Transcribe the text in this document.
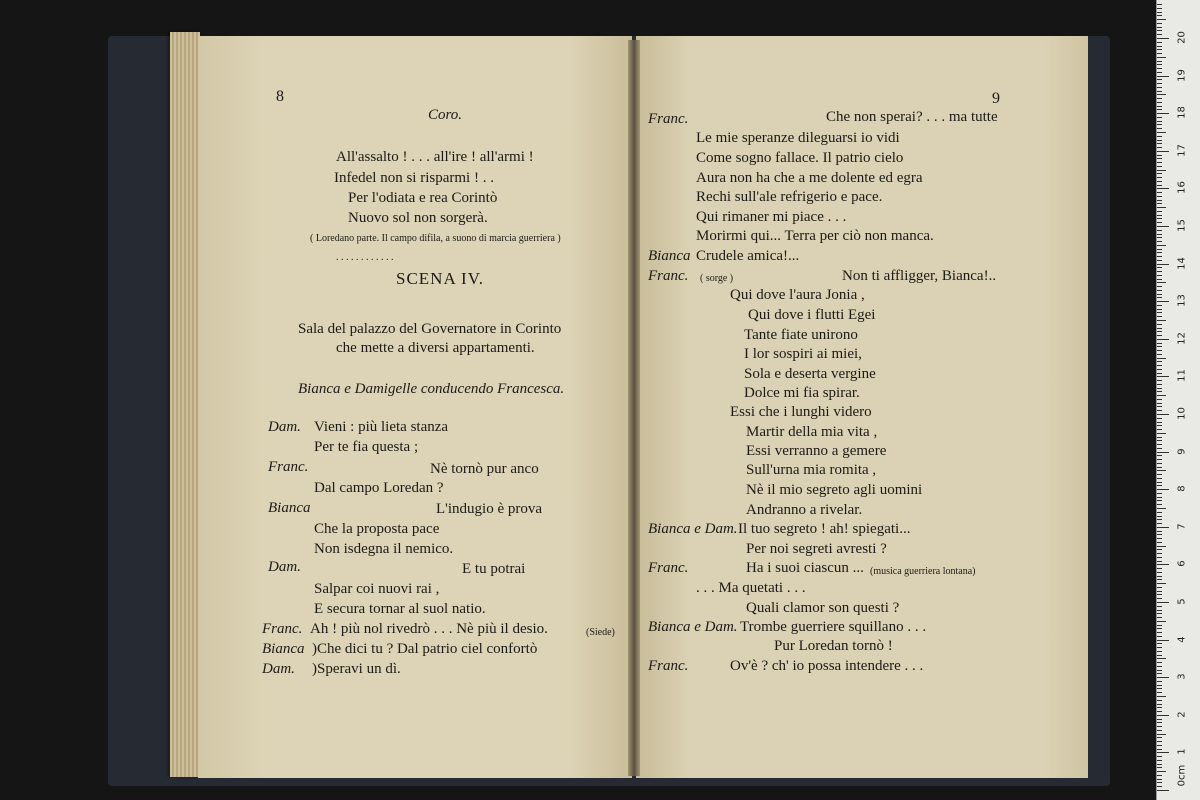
8
Coro.
All'assalto ! . . . all'ire ! all'armi !
Infedel non si risparmi ! . .
Per l'odiata e rea Corintò
Nuovo sol non sorgerà.
( Loredano parte. Il campo difila, a suono di marcia guerriera )
. . . . . . . . . . . .
SCENA IV.
Sala del palazzo del Governatore in Corinto
che mette a diversi appartamenti.
Bianca e Damigelle conducendo Francesca.
Dam. Vieni : più lieta stanza
Per te fia questa ;
Franc.	Nè tornò pur anco
Dal campo Loredan ?
Bianca	L'indugio è prova
Che la proposta pace
Non isdegna il nemico.
Dam.	E tu potrai
Salpar coi nuovi rai ,
E secura tornar al suol natio.
Franc. Ah ! più nol rivedrò . . . Nè più il desio.	(Siede)
Bianca )Che dici tu ? Dal patrio ciel confortò
Dam. )Speravi un dì.
9
Franc.	Che non sperai? . . . ma tutte
Le mie speranze dileguarsi io vidi
Come sogno fallace. Il patrio cielo
Aura non ha che a me dolente ed egra
Rechi sull'ale refrigerio e pace.
Qui rimaner mi piace . . .
Morirmi qui... Terra per ciò non manca.
Bianca Crudele amica!...
Franc. ( sorge )	Non ti affligger, Bianca!..
Qui dove l'aura Jonia ,
Qui dove i flutti Egei
Tante fiate unirono
I lor sospiri ai miei,
Sola e deserta vergine
Dolce mi fia spirar.
Essi che i lunghi videro
Martir della mia vita ,
Essi verranno a gemere
Sull'urna mia romita ,
Nè il mio segreto agli uomini
Andranno a rivelar.
Bianca e Dam. Il tuo segreto ! ah! spiegati...
Per noi segreti avresti ?
Franc.	Ha i suoi ciascun ... (musica guerriera lontana)
. . . Ma quetati . . .
Quali clamor son questi ?
Bianca e Dam. Trombe guerriere squillano . . .
Pur Loredan tornò !
Franc.	Ov'è ? ch' io possa intendere . . .
0cm
1
2
3
4
5
6
7
8
9
10
11
12
13
14
15
16
17
18
19
20
